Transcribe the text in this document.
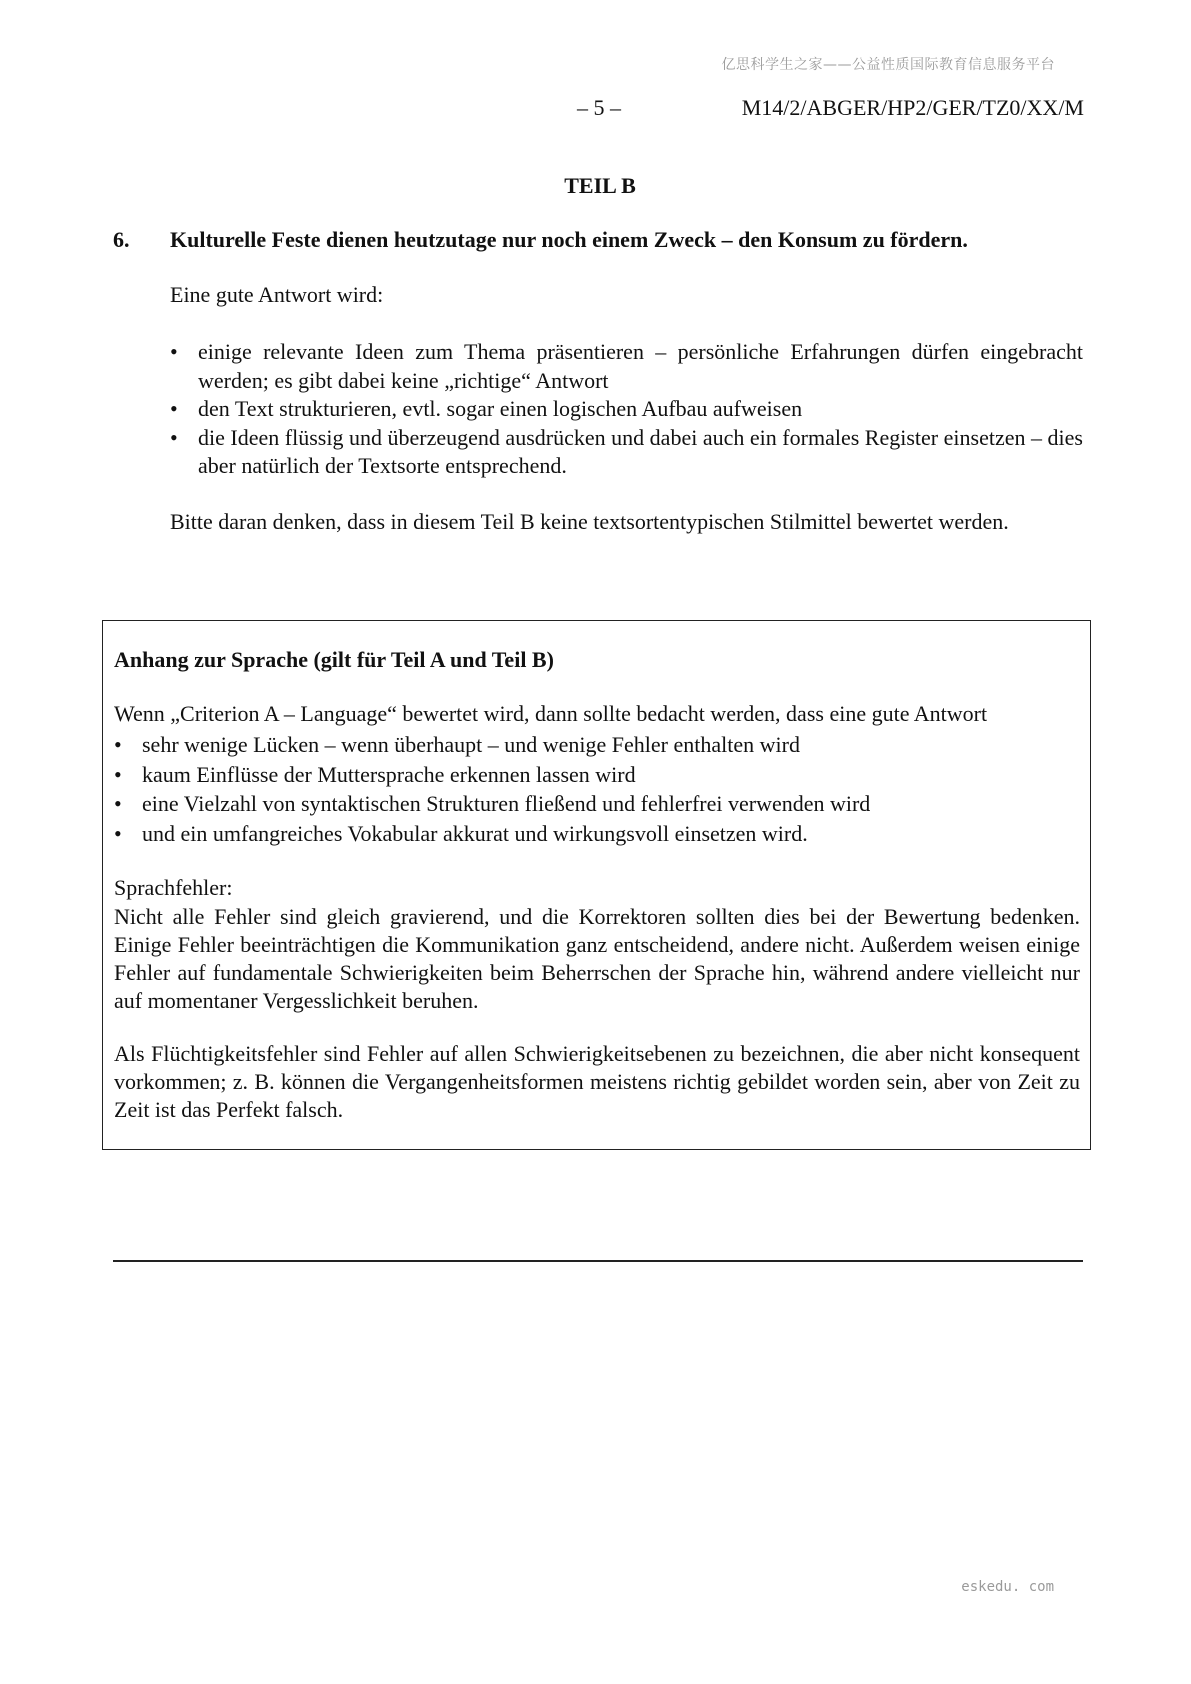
亿思科学生之家——公益性质国际教育信息服务平台
– 5 –	M14/2/ABGER/HP2/GER/TZ0/XX/M
TEIL B
6. Kulturelle Feste dienen heutzutage nur noch einem Zweck – den Konsum zu fördern.
Eine gute Antwort wird:
• einige relevante Ideen zum Thema präsentieren – persönliche Erfahrungen dürfen eingebracht werden; es gibt dabei keine „richtige“ Antwort
• den Text strukturieren, evtl. sogar einen logischen Aufbau aufweisen
• die Ideen flüssig und überzeugend ausdrücken und dabei auch ein formales Register einsetzen – dies aber natürlich der Textsorte entsprechend.
Bitte daran denken, dass in diesem Teil B keine textsortentypischen Stilmittel bewertet werden.
Anhang zur Sprache (gilt für Teil A und Teil B)
Wenn „Criterion A – Language“ bewertet wird, dann sollte bedacht werden, dass eine gute Antwort
• sehr wenige Lücken – wenn überhaupt – und wenige Fehler enthalten wird
• kaum Einflüsse der Muttersprache erkennen lassen wird
• eine Vielzahl von syntaktischen Strukturen fließend und fehlerfrei verwenden wird
• und ein umfangreiches Vokabular akkurat und wirkungsvoll einsetzen wird.
Sprachfehler:
Nicht alle Fehler sind gleich gravierend, und die Korrektoren sollten dies bei der Bewertung bedenken. Einige Fehler beeinträchtigen die Kommunikation ganz entscheidend, andere nicht. Außerdem weisen einige Fehler auf fundamentale Schwierigkeiten beim Beherrschen der Sprache hin, während andere vielleicht nur auf momentaner Vergesslichkeit beruhen.
Als Flüchtigkeitsfehler sind Fehler auf allen Schwierigkeitsebenen zu bezeichnen, die aber nicht konsequent vorkommen; z. B. können die Vergangenheitsformen meistens richtig gebildet worden sein, aber von Zeit zu Zeit ist das Perfekt falsch.
eskedu. com
